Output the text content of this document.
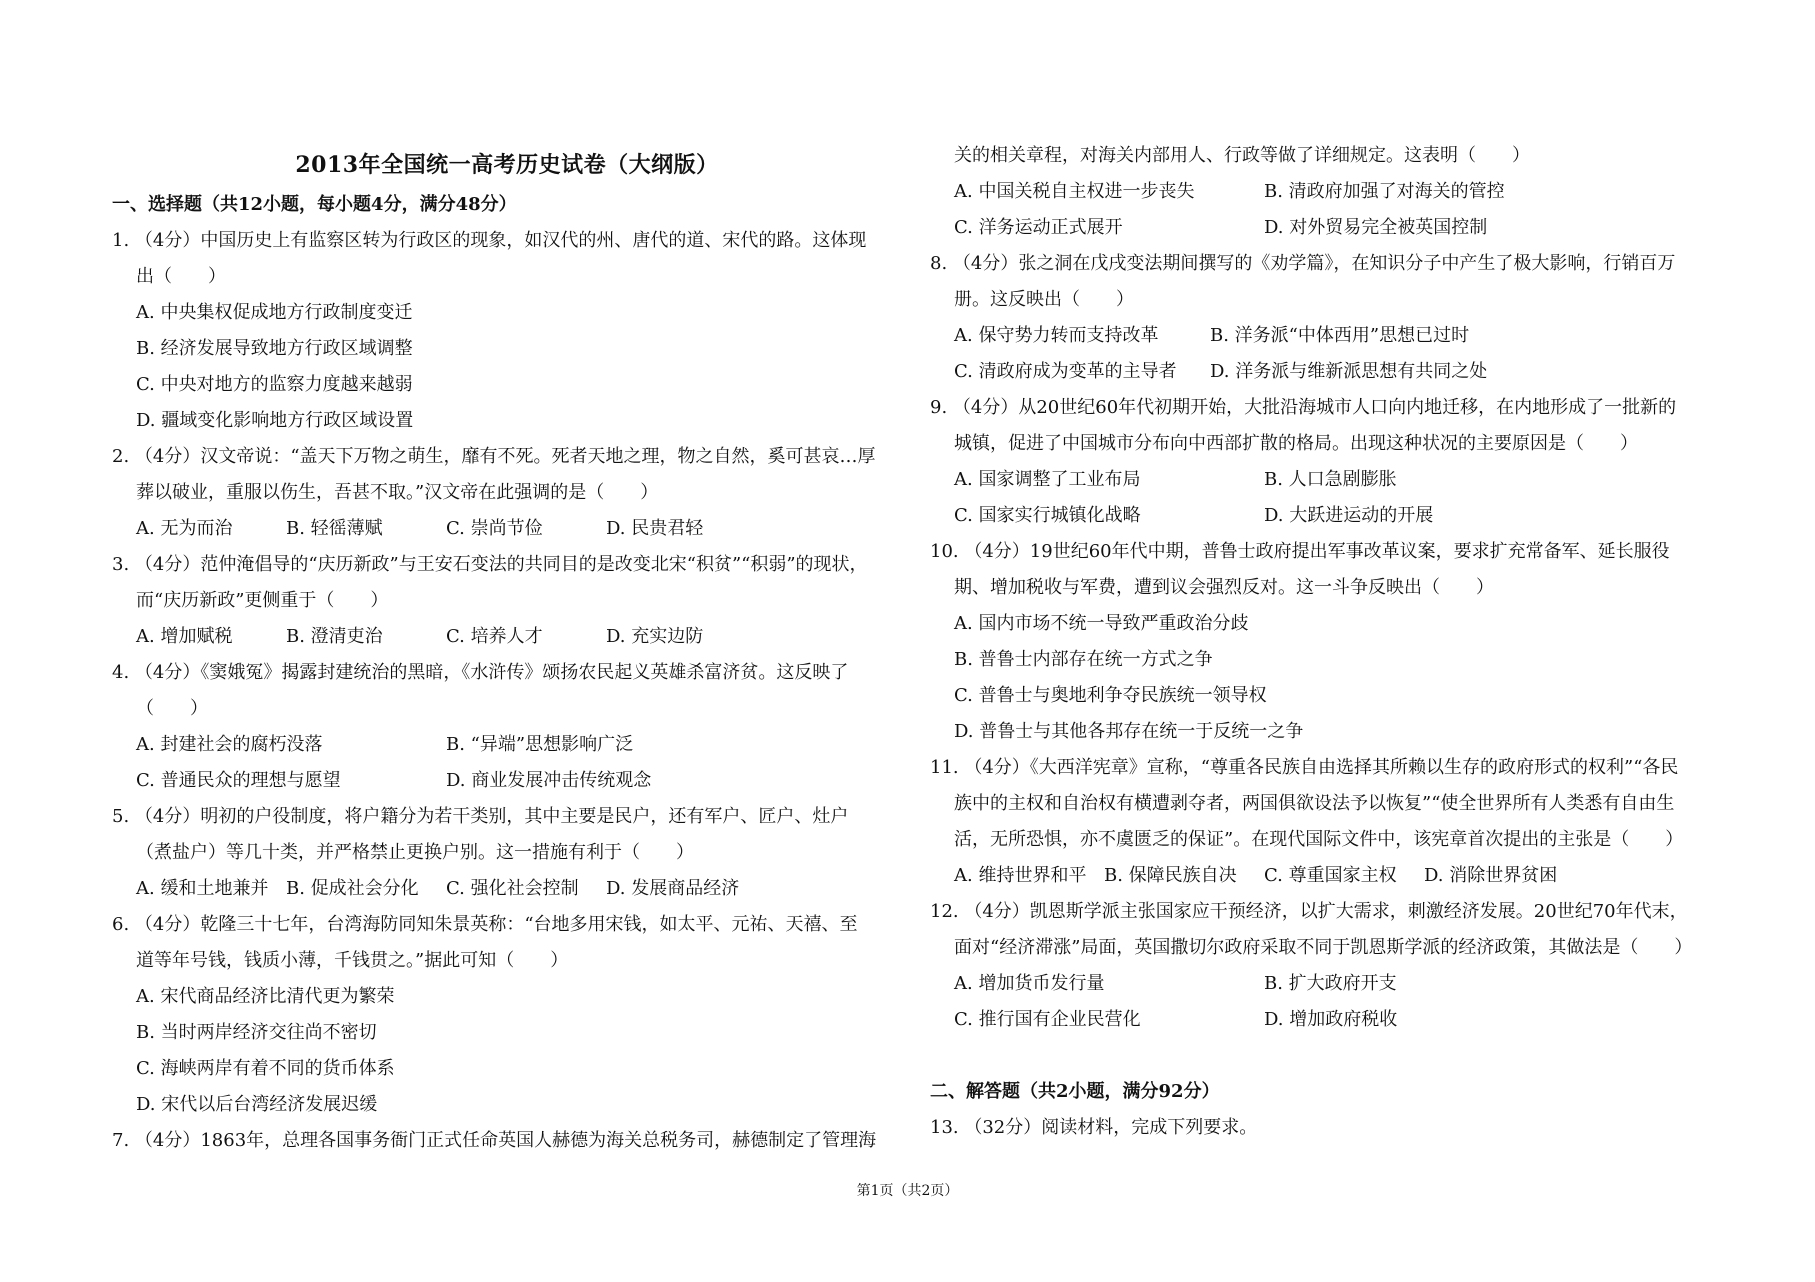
2013年全国统一高考历史试卷（大纲版）
一、选择题（共12小题，每小题4分，满分48分）
1. （4分）中国历史上有监察区转为行政区的现象，如汉代的州、唐代的道、宋代的路。这体现
出（　　）
A. 中央集权促成地方行政制度变迁
B. 经济发展导致地方行政区域调整
C. 中央对地方的监察力度越来越弱
D. 疆域变化影响地方行政区域设置
2. （4分）汉文帝说：“盖天下万物之萌生，靡有不死。死者天地之理，物之自然，奚可甚哀…厚
葬以破业，重服以伤生，吾甚不取。”汉文帝在此强调的是（　　）
A. 无为而治	B. 轻徭薄赋	C. 崇尚节俭	D. 民贵君轻
3. （4分）范仲淹倡导的“庆历新政”与王安石变法的共同目的是改变北宋“积贫”“积弱”的现状，
而“庆历新政”更侧重于（　　）
A. 增加赋税	B. 澄清吏治	C. 培养人才	D. 充实边防
4. （4分）《窦娥冤》揭露封建统治的黑暗，《水浒传》颂扬农民起义英雄杀富济贫。这反映了
（　　）
A. 封建社会的腐朽没落	B. “异端”思想影响广泛
C. 普通民众的理想与愿望	D. 商业发展冲击传统观念
5. （4分）明初的户役制度，将户籍分为若干类别，其中主要是民户，还有军户、匠户、灶户
（煮盐户）等几十类，并严格禁止更换户别。这一措施有利于（　　）
A. 缓和土地兼并 B. 促成社会分化 C. 强化社会控制 D. 发展商品经济
6. （4分）乾隆三十七年，台湾海防同知朱景英称：“台地多用宋钱，如太平、元祐、天禧、至
道等年号钱，钱质小薄，千钱贯之。”据此可知（　　）
A. 宋代商品经济比清代更为繁荣
B. 当时两岸经济交往尚不密切
C. 海峡两岸有着不同的货币体系
D. 宋代以后台湾经济发展迟缓
7. （4分）1863年，总理各国事务衙门正式任命英国人赫德为海关总税务司，赫德制定了管理海
关的相关章程，对海关内部用人、行政等做了详细规定。这表明（　　）
A. 中国关税自主权进一步丧失	B. 清政府加强了对海关的管控
C. 洋务运动正式展开	D. 对外贸易完全被英国控制
8. （4分）张之洞在戊戌变法期间撰写的《劝学篇》，在知识分子中产生了极大影响，行销百万
册。这反映出（　　）
A. 保守势力转而支持改革	B. 洋务派“中体西用”思想已过时
C. 清政府成为变革的主导者 D. 洋务派与维新派思想有共同之处
9. （4分）从20世纪60年代初期开始，大批沿海城市人口向内地迁移，在内地形成了一批新的
城镇，促进了中国城市分布向中西部扩散的格局。出现这种状况的主要原因是（　　）
A. 国家调整了工业布局	B. 人口急剧膨胀
C. 国家实行城镇化战略	D. 大跃进运动的开展
10. （4分）19世纪60年代中期，普鲁士政府提出军事改革议案，要求扩充常备军、延长服役
期、增加税收与军费，遭到议会强烈反对。这一斗争反映出（　　）
A. 国内市场不统一导致严重政治分歧
B. 普鲁士内部存在统一方式之争
C. 普鲁士与奥地利争夺民族统一领导权
D. 普鲁士与其他各邦存在统一于反统一之争
11. （4分）《大西洋宪章》宣称，“尊重各民族自由选择其所赖以生存的政府形式的权利”“各民
族中的主权和自治权有横遭剥夺者，两国俱欲设法予以恢复”“使全世界所有人类悉有自由生
活，无所恐惧，亦不虞匮乏的保证”。在现代国际文件中，该宪章首次提出的主张是（　　）
A. 维持世界和平 B. 保障民族自决 C. 尊重国家主权 D. 消除世界贫困
12. （4分）凯恩斯学派主张国家应干预经济，以扩大需求，刺激经济发展。20世纪70年代末，
面对“经济滞涨”局面，英国撒切尔政府采取不同于凯恩斯学派的经济政策，其做法是（　　）
A. 增加货币发行量	B. 扩大政府开支
C. 推行国有企业民营化	D. 增加政府税收
二、解答题（共2小题，满分92分）
13. （32分）阅读材料，完成下列要求。
第1页（共2页）
